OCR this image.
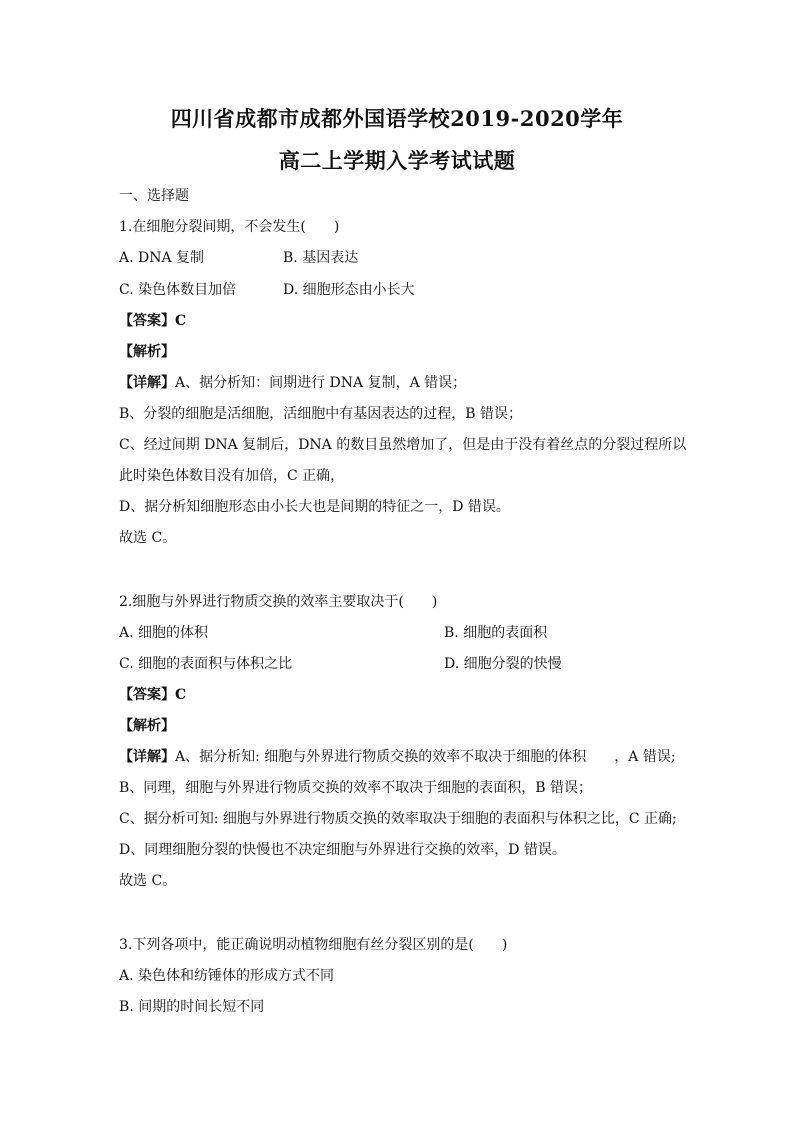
四川省成都市成都外国语学校2019-2020学年
高二上学期入学考试试题
一、选择题
1.在细胞分裂间期，不会发生(　　)
A. DNA 复制	B. 基因表达
C. 染色体数目加倍	D. 细胞形态由小长大
【答案】C
【解析】
【详解】A、据分析知：间期进行 DNA 复制，A 错误；
B、分裂的细胞是活细胞，活细胞中有基因表达的过程，B 错误；
C、经过间期 DNA 复制后，DNA 的数目虽然增加了，但是由于没有着丝点的分裂过程所以
此时染色体数目没有加倍，C 正确，
D、据分析知细胞形态由小长大也是间期的特征之一，D 错误。
故选 C。
2.细胞与外界进行物质交换的效率主要取决于(　　)
A. 细胞的体积	B. 细胞的表面积
C. 细胞的表面积与体积之比	D. 细胞分裂的快慢
【答案】C
【解析】
【详解】A、据分析知: 细胞与外界进行物质交换的效率不取决于细胞的体积　　，A 错误;
B、同理，细胞与外界进行物质交换的效率不取决于细胞的表面积，B 错误；
C、据分析可知: 细胞与外界进行物质交换的效率取决于细胞的表面积与体积之比，C 正确;
D、同理细胞分裂的快慢也不决定细胞与外界进行交换的效率，D 错误。
故选 C。
3.下列各项中，能正确说明动植物细胞有丝分裂区别的是(　　)
A. 染色体和纺锤体的形成方式不同
B. 间期的时间长短不同
